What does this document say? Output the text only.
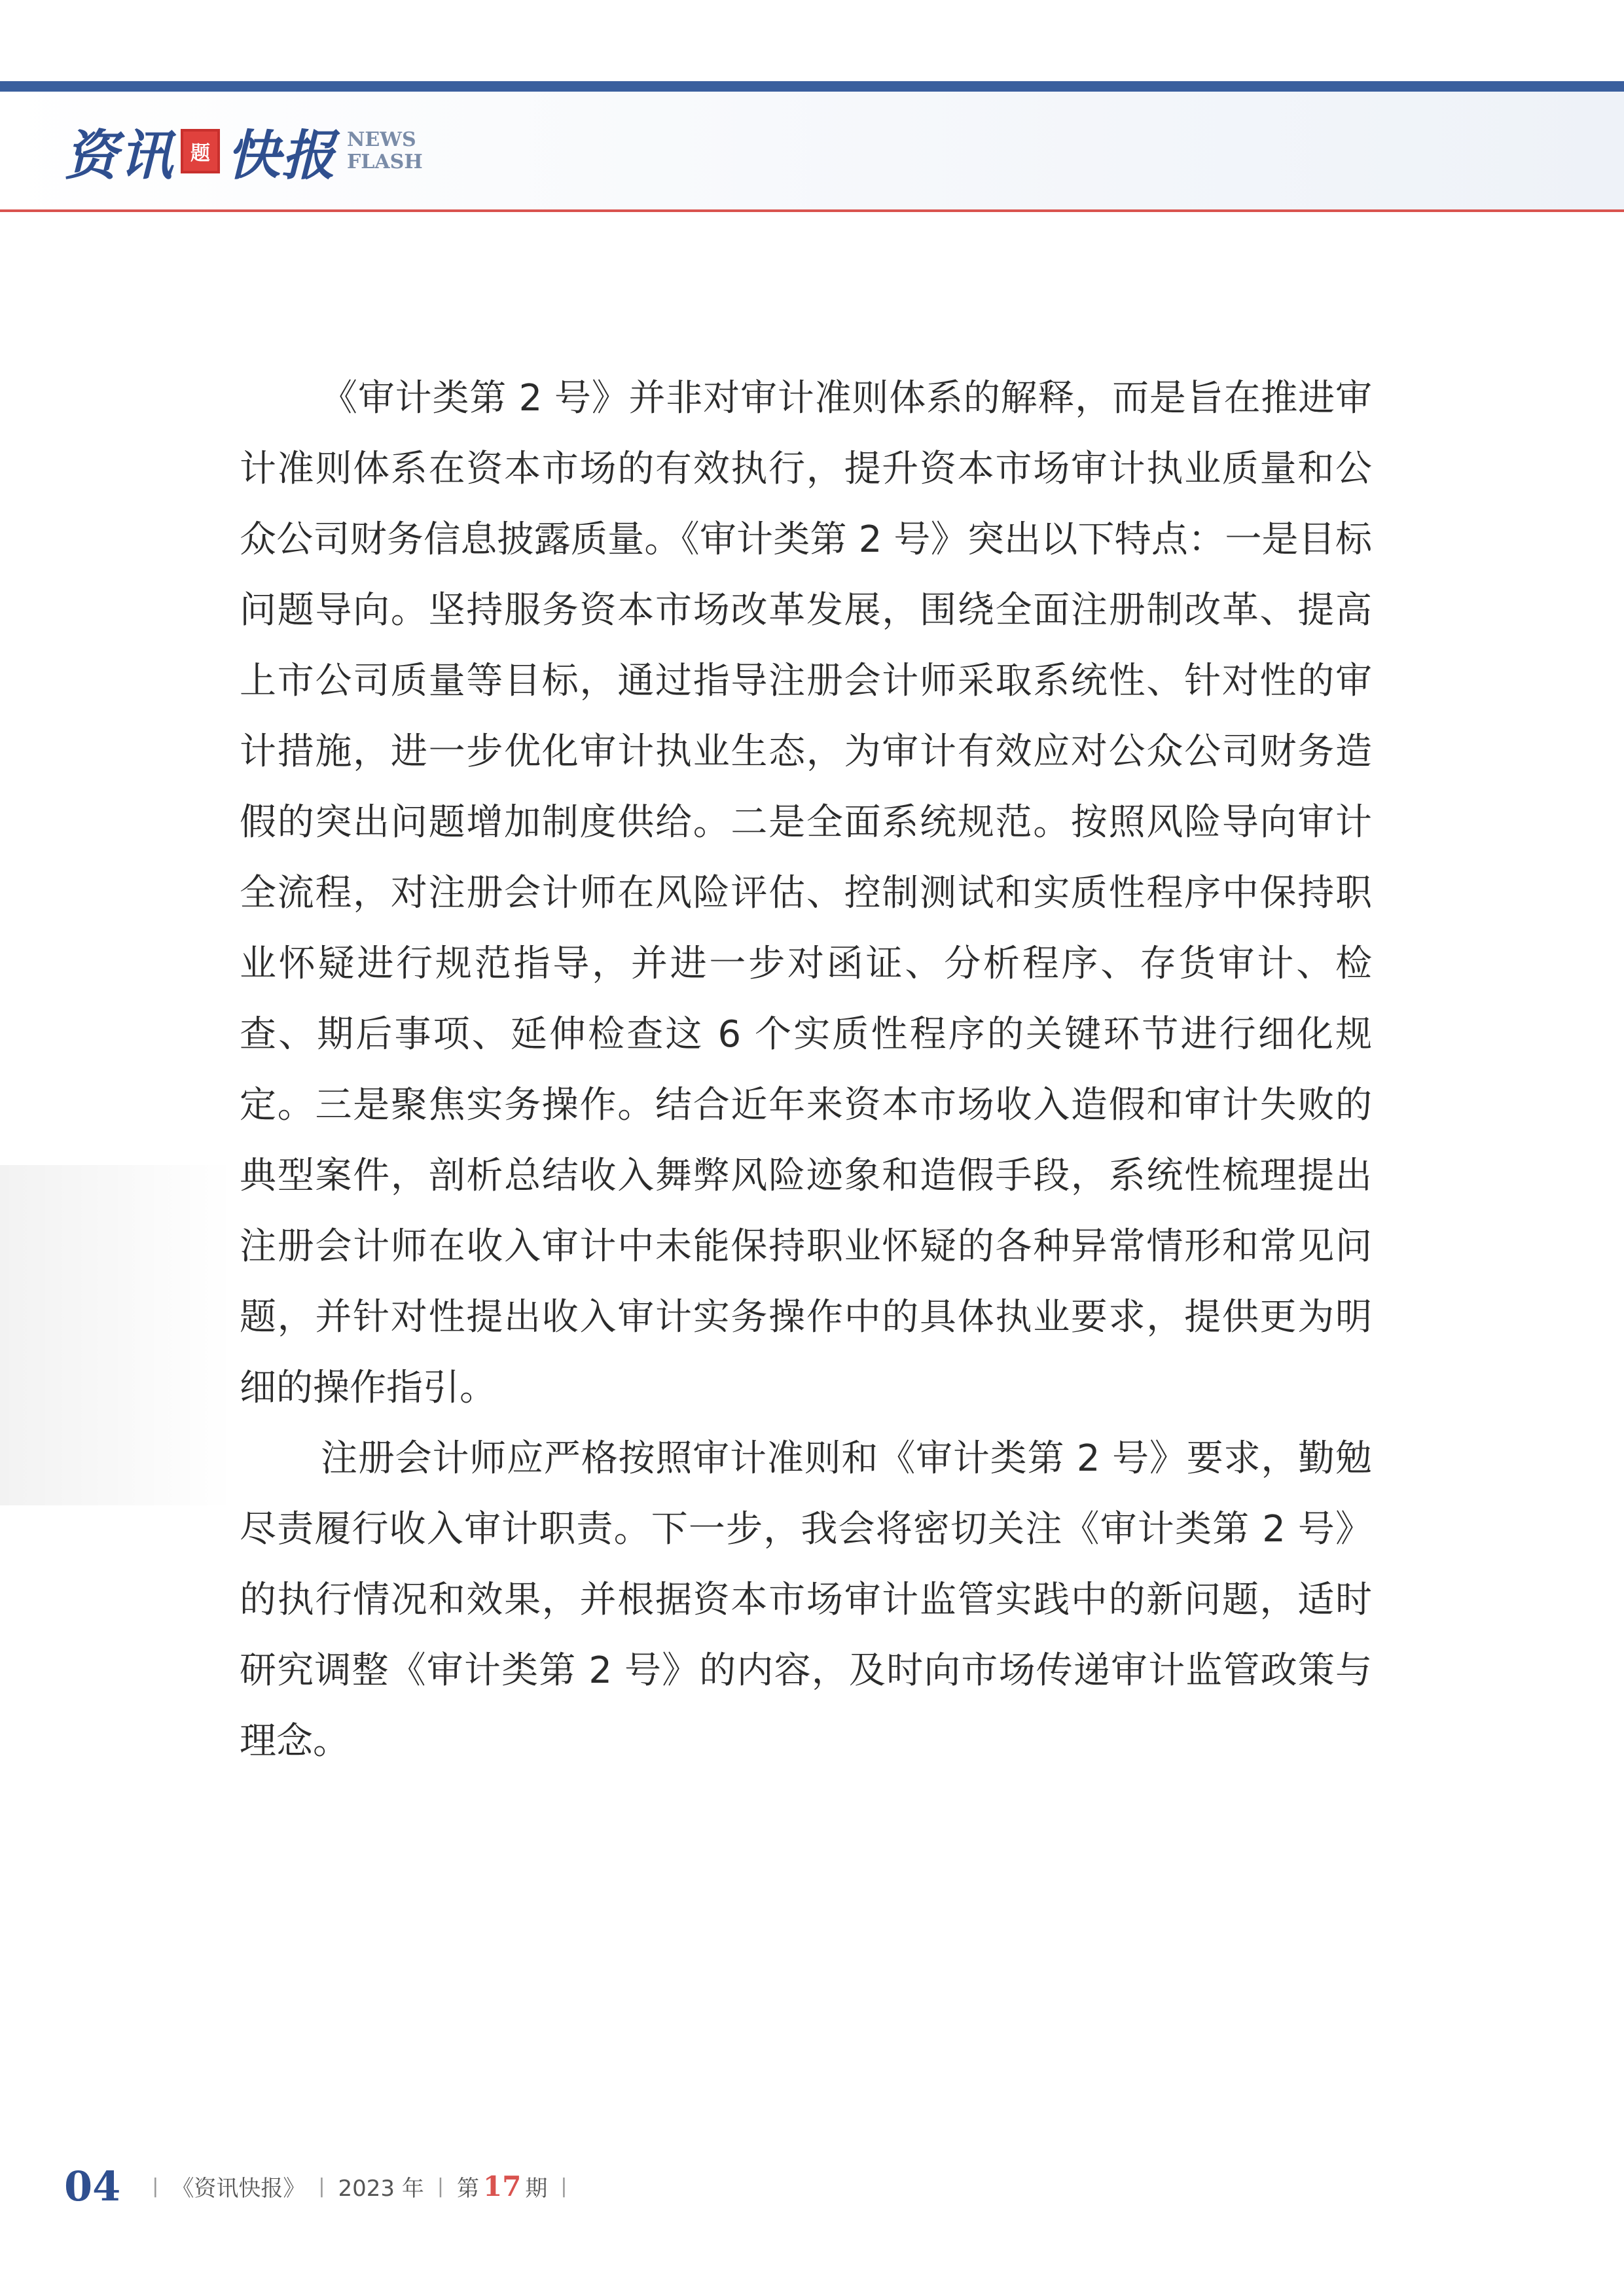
资讯 题 快报 NEWS
FLASH

《审计类第 2 号》并非对审计准则体系的解释，而是旨在推进审计准则体系在资本市场的有效执行，提升资本市场审计执业质量和公众公司财务信息披露质量。《审计类第 2 号》突出以下特点：一是目标问题导向。坚持服务资本市场改革发展，围绕全面注册制改革、提高上市公司质量等目标，通过指导注册会计师采取系统性、针对性的审计措施，进一步优化审计执业生态，为审计有效应对公众公司财务造假的突出问题增加制度供给。二是全面系统规范。按照风险导向审计全流程，对注册会计师在风险评估、控制测试和实质性程序中保持职业怀疑进行规范指导，并进一步对函证、分析程序、存货审计、检查、期后事项、延伸检查这 6 个实质性程序的关键环节进行细化规定。三是聚焦实务操作。结合近年来资本市场收入造假和审计失败的典型案件，剖析总结收入舞弊风险迹象和造假手段，系统性梳理提出注册会计师在收入审计中未能保持职业怀疑的各种异常情形和常见问题，并针对性提出收入审计实务操作中的具体执业要求，提供更为明细的操作指引。

注册会计师应严格按照审计准则和《审计类第 2 号》要求，勤勉尽责履行收入审计职责。下一步，我会将密切关注《审计类第 2 号》的执行情况和效果，并根据资本市场审计监管实践中的新问题，适时研究调整《审计类第 2 号》的内容，及时向市场传递审计监管政策与理念。

04 | 《资讯快报》 | 2023 年 | 第 17 期 |
